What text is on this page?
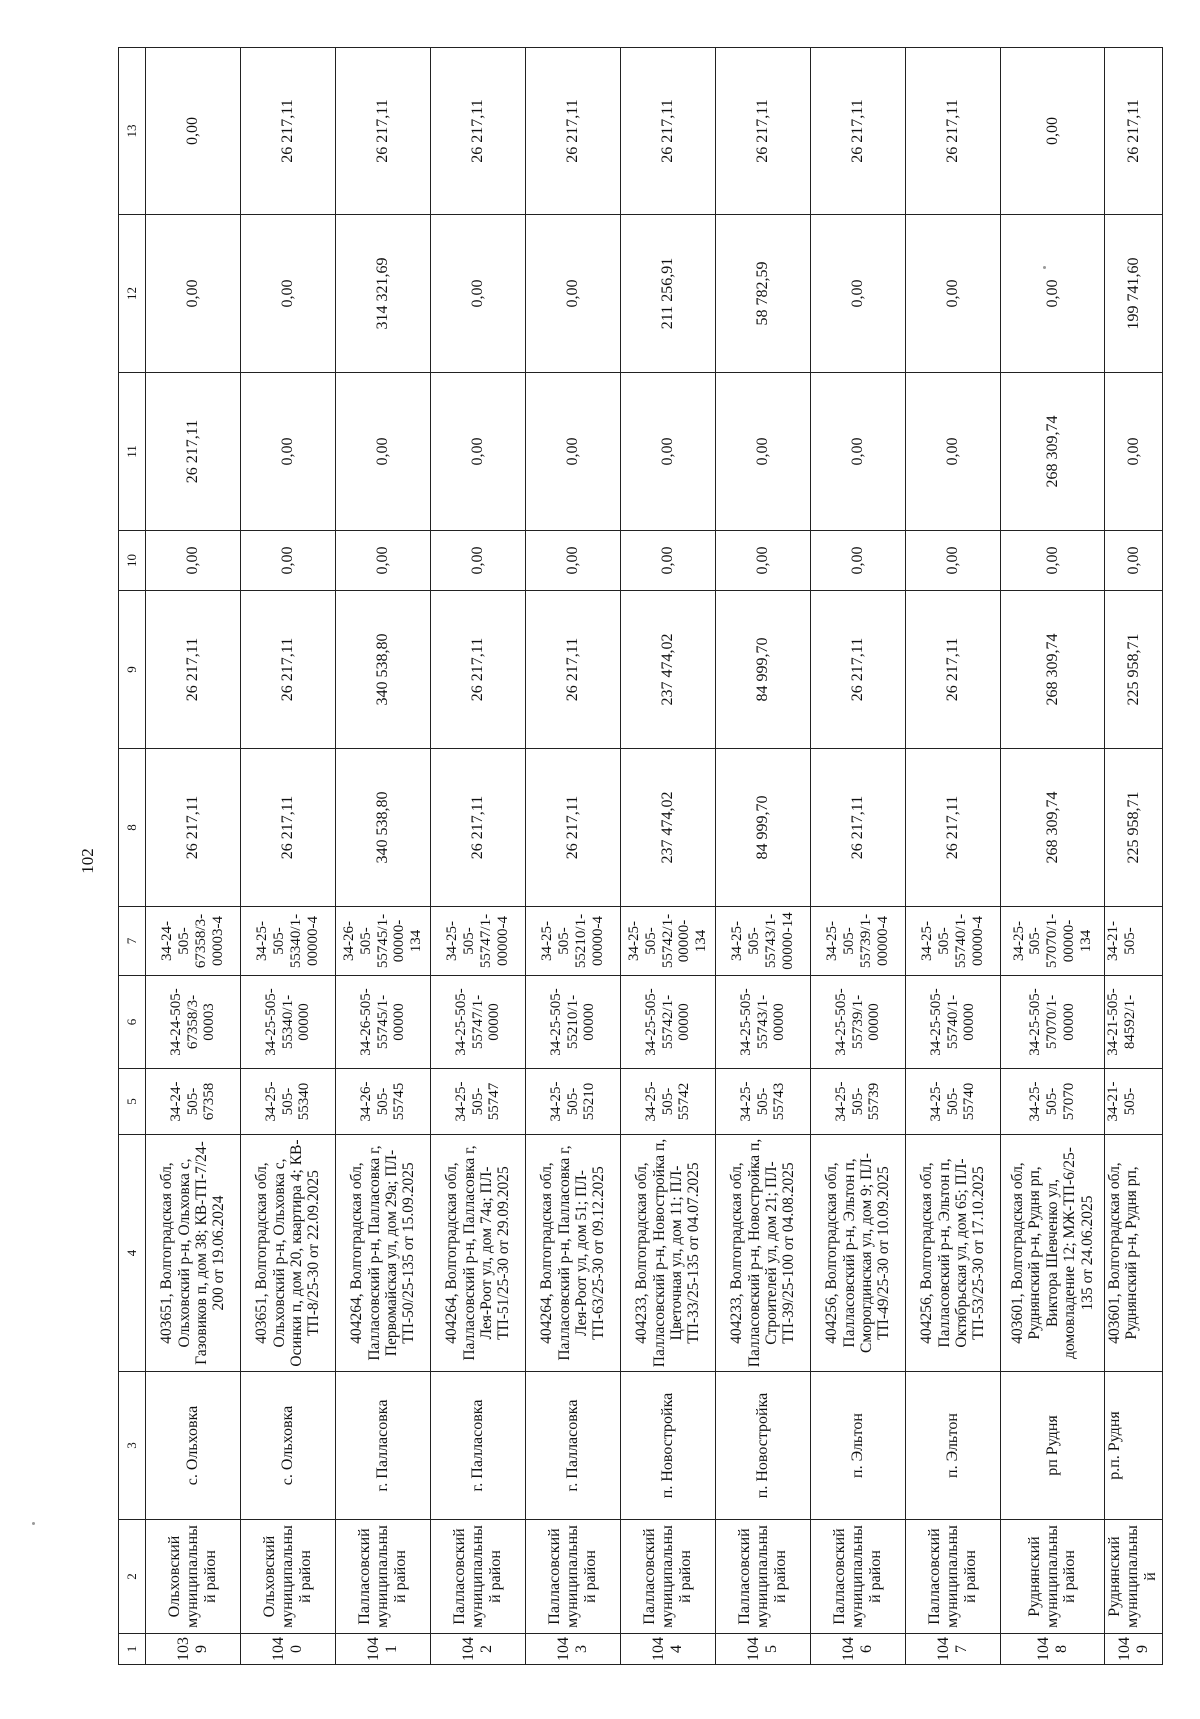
102
1	2	3	4	5	6	7	8	9	10	11	12	13
1039	Ольховский муниципальный район	с. Ольховка	403651, Волгоградская обл, Ольховский р-н, Ольховка с, Газовиков п, дом 38; КВ-ТП-7/24-200 от 19.06.2024	34-24-505-67358	34-24-505-67358/3-00003	34-24-505-67358/3-00003-4	26 217,11	26 217,11	0,00	26 217,11	0,00	0,00
1040	Ольховский муниципальный район	с. Ольховка	403651, Волгоградская обл, Ольховский р-н, Ольховка с, Осинки п, дом 20, квартира 4; КВ-ТП-8/25-30 от 22.09.2025	34-25-505-55340	34-25-505-55340/1-00000	34-25-505-55340/1-00000-4	26 217,11	26 217,11	0,00	0,00	0,00	26 217,11
1041	Палласовский муниципальный район	г. Палласовка	404264, Волгоградская обл, Палласовский р-н, Палласовка г, Первомайская ул, дом 29а; ПЛ-ТП-50/25-135 от 15.09.2025	34-26-505-55745	34-26-505-55745/1-00000	34-26-505-55745/1-00000-134	340 538,80	340 538,80	0,00	0,00	314 321,69	26 217,11
1042	Палласовский муниципальный район	г. Палласовка	404264, Волгоградская обл, Палласовский р-н, Палласовка г, Лея-Роот ул, дом 74а; ПЛ-ТП-51/25-30 от 29.09.2025	34-25-505-55747	34-25-505-55747/1-00000	34-25-505-55747/1-00000-4	26 217,11	26 217,11	0,00	0,00	0,00	26 217,11
1043	Палласовский муниципальный район	г. Палласовка	404264, Волгоградская обл, Палласовский р-н, Палласовка г, Лея-Роот ул, дом 51; ПЛ-ТП-63/25-30 от 09.12.2025	34-25-505-55210	34-25-505-55210/1-00000	34-25-505-55210/1-00000-4	26 217,11	26 217,11	0,00	0,00	0,00	26 217,11
1044	Палласовский муниципальный район	п. Новостройка	404233, Волгоградская обл, Палласовский р-н, Новостройка п, Цветочная ул, дом 11; ПЛ-ТП-33/25-135 от 04.07.2025	34-25-505-55742	34-25-505-55742/1-00000	34-25-505-55742/1-00000-134	237 474,02	237 474,02	0,00	0,00	211 256,91	26 217,11
1045	Палласовский муниципальный район	п. Новостройка	404233, Волгоградская обл, Палласовский р-н, Новостройка п, Строителей ул, дом 21; ПЛ-ТП-39/25-100 от 04.08.2025	34-25-505-55743	34-25-505-55743/1-00000	34-25-505-55743/1-00000-14	84 999,70	84 999,70	0,00	0,00	58 782,59	26 217,11
1046	Палласовский муниципальный район	п. Эльтон	404256, Волгоградская обл, Палласовский р-н, Эльтон п, Сморогдинская ул, дом 9; ПЛ-ТП-49/25-30 от 10.09.2025	34-25-505-55739	34-25-505-55739/1-00000	34-25-505-55739/1-00000-4	26 217,11	26 217,11	0,00	0,00	0,00	26 217,11
1047	Палласовский муниципальный район	п. Эльтон	404256, Волгоградская обл, Палласовский р-н, Эльтон п, Октябрьская ул, дом 65; ПЛ-ТП-53/25-30 от 17.10.2025	34-25-505-55740	34-25-505-55740/1-00000	34-25-505-55740/1-00000-4	26 217,11	26 217,11	0,00	0,00	0,00	26 217,11
1048	Руднянский муниципальный район	рп Рудня	403601, Волгоградская обл, Руднянский р-н, Рудня рп, Виктора Шевченко ул, домовладение 12; МЖ-ТП-6/25-135 от 24.06.2025	34-25-505-57070	34-25-505-57070/1-00000	34-25-505-57070/1-00000-134	268 309,74	268 309,74	0,00	268 309,74	0,00	0,00
1049	Руднянский муниципальный	р.п. Рудня	403601, Волгоградская обл, Руднянский р-н, Рудня рп,	34-21-505-	34-21-505-84592/1-	34-21-505-	225 958,71	225 958,71	0,00	0,00	199 741,60	26 217,11
